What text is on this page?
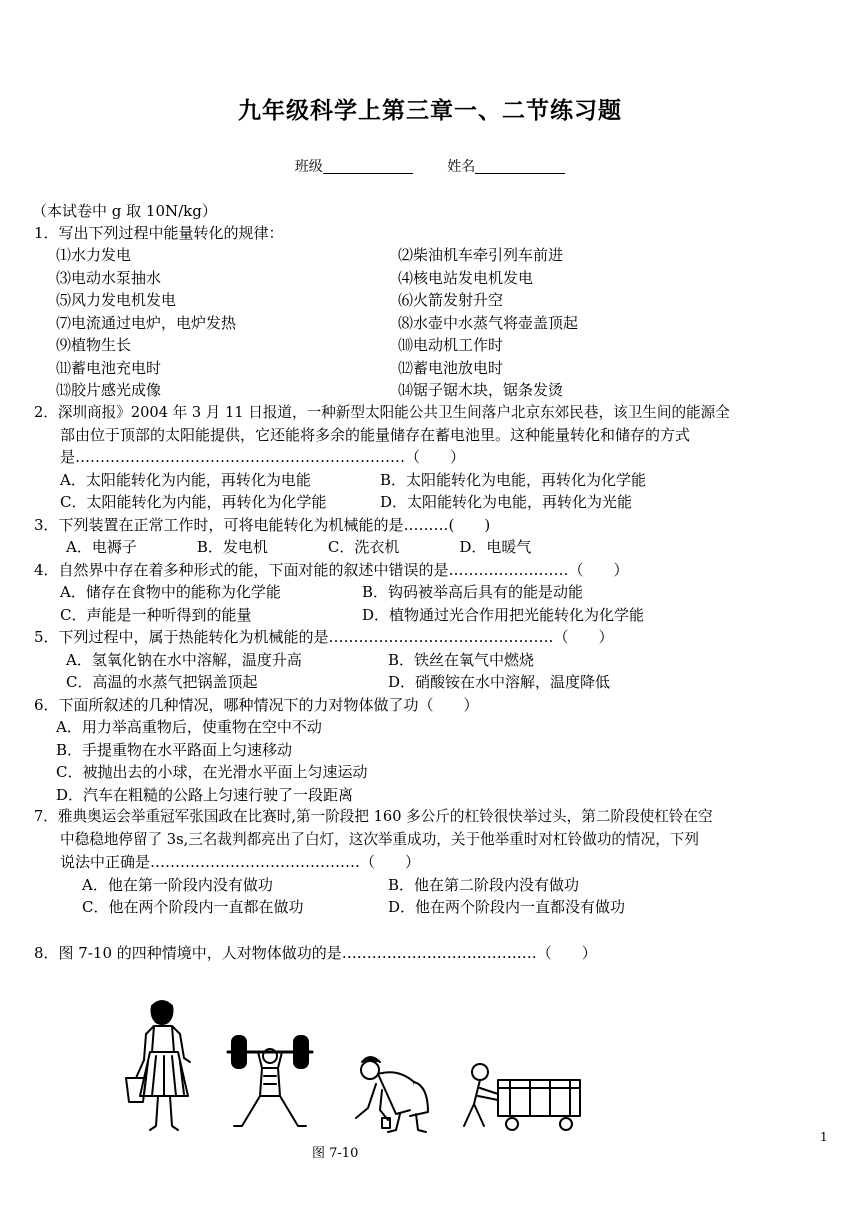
九年级科学上第三章一、二节练习题
班级	姓名
（本试卷中 g 取 10N/kg）
1．写出下列过程中能量转化的规律：
⑴水力发电	⑵柴油机车牵引列车前进
⑶电动水泵抽水	⑷核电站发电机发电
⑸风力发电机发电	⑹火箭发射升空
⑺电流通过电炉，电炉发热	⑻水壶中水蒸气将壶盖顶起
⑼植物生长	⑽电动机工作时
⑾蓄电池充电时	⑿蓄电池放电时
⒀胶片感光成像	⒁锯子锯木块，锯条发烫
2．深圳商报》2004 年 3 月 11 日报道，一种新型太阳能公共卫生间落户北京东郊民巷，该卫生间的能源全
部由位于顶部的太阳能提供，它还能将多余的能量储存在蓄电池里。这种能量转化和储存的方式
是…………………………………………………………（　　）
A．太阳能转化为内能，再转化为电能	B．太阳能转化为电能，再转化为化学能
C．太阳能转化为内能，再转化为化学能	D．太阳能转化为电能，再转化为光能
3．下列装置在正常工作时，可将电能转化为机械能的是………(　　)
A．电褥子　　　　B．发电机　　　　C．洗衣机　　　　D．电暖气
4．自然界中存在着多种形式的能，下面对能的叙述中错误的是……………………（　　）
A．储存在食物中的能称为化学能	B．钩码被举高后具有的能是动能
C．声能是一种听得到的能量	D．植物通过光合作用把光能转化为化学能
5．下列过程中，属于热能转化为机械能的是………………………………………（　　）
A．氢氧化钠在水中溶解，温度升高	B．铁丝在氧气中燃烧
C．高温的水蒸气把锅盖顶起	D．硝酸铵在水中溶解，温度降低
6．下面所叙述的几种情况，哪种情况下的力对物体做了功（　　）
A．用力举高重物后，使重物在空中不动
B．手提重物在水平路面上匀速移动
C．被抛出去的小球，在光滑水平面上匀速运动
D．汽车在粗糙的公路上匀速行驶了一段距离
7．雅典奥运会举重冠军张国政在比赛时,第一阶段把 160 多公斤的杠铃很快举过头，第二阶段使杠铃在空
中稳稳地停留了 3s,三名裁判都亮出了白灯，这次举重成功，关于他举重时对杠铃做功的情况，下列
说法中正确是……………………………………（　　）
A．他在第一阶段内没有做功	B．他在第二阶段内没有做功
C．他在两个阶段内一直都在做功	D．他在两个阶段内一直都没有做功
8．图 7-10 的四种情境中，人对物体做功的是…………………………………（　　）
图 7-10
1
